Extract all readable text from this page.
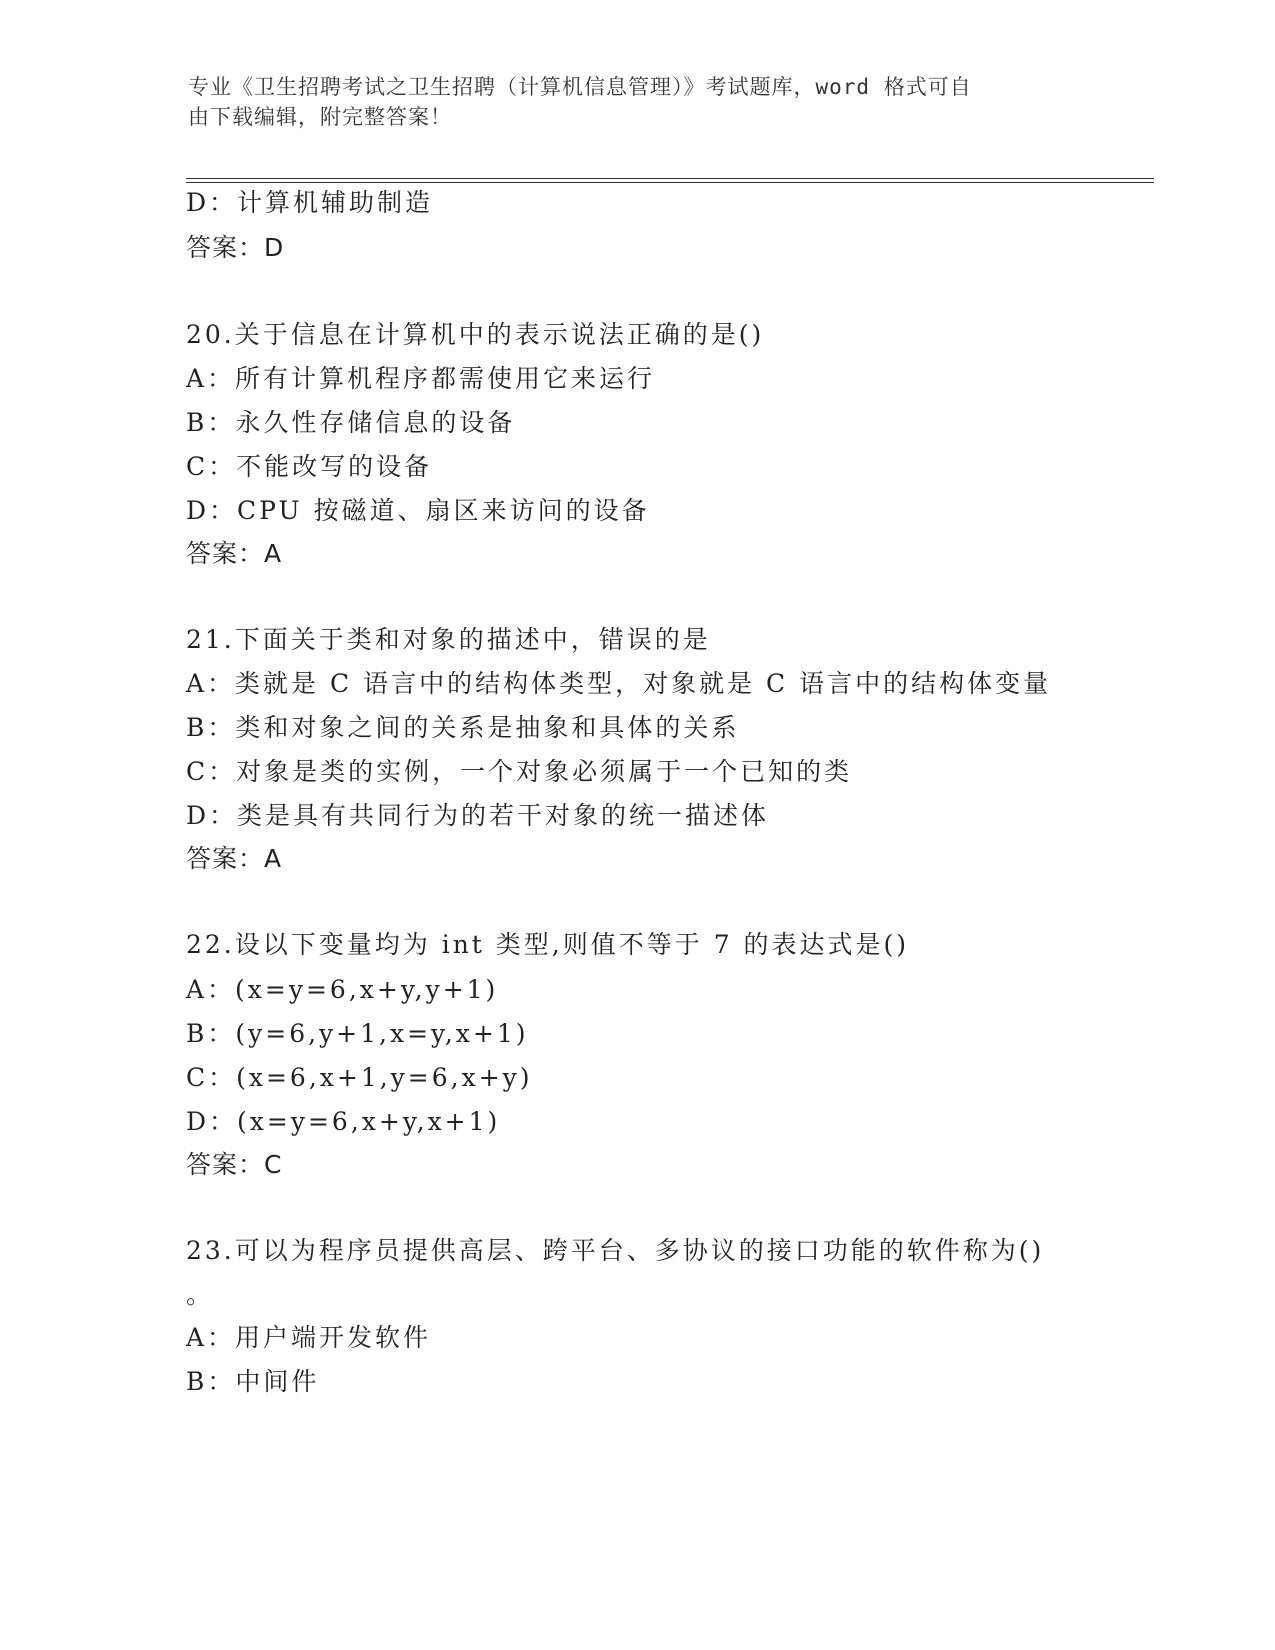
专业《卫生招聘考试之卫生招聘（计算机信息管理）》考试题库，word 格式可自
由下载编辑，附完整答案！
D：计算机辅助制造
答案：D
20.关于信息在计算机中的表示说法正确的是()
A：所有计算机程序都需使用它来运行
B：永久性存储信息的设备
C：不能改写的设备
D：CPU 按磁道、扇区来访问的设备
答案：A
21.下面关于类和对象的描述中，错误的是
A：类就是 C 语言中的结构体类型，对象就是 C 语言中的结构体变量
B：类和对象之间的关系是抽象和具体的关系
C：对象是类的实例，一个对象必须属于一个已知的类
D：类是具有共同行为的若干对象的统一描述体
答案：A
22.设以下变量均为 int 类型,则值不等于 7 的表达式是()
A：(x=y=6,x+y,y+1)
B：(y=6,y+1,x=y,x+1)
C：(x=6,x+1,y=6,x+y)
D：(x=y=6,x+y,x+1)
答案：C
23.可以为程序员提供高层、跨平台、多协议的接口功能的软件称为()
。
A：用户端开发软件
B：中间件
